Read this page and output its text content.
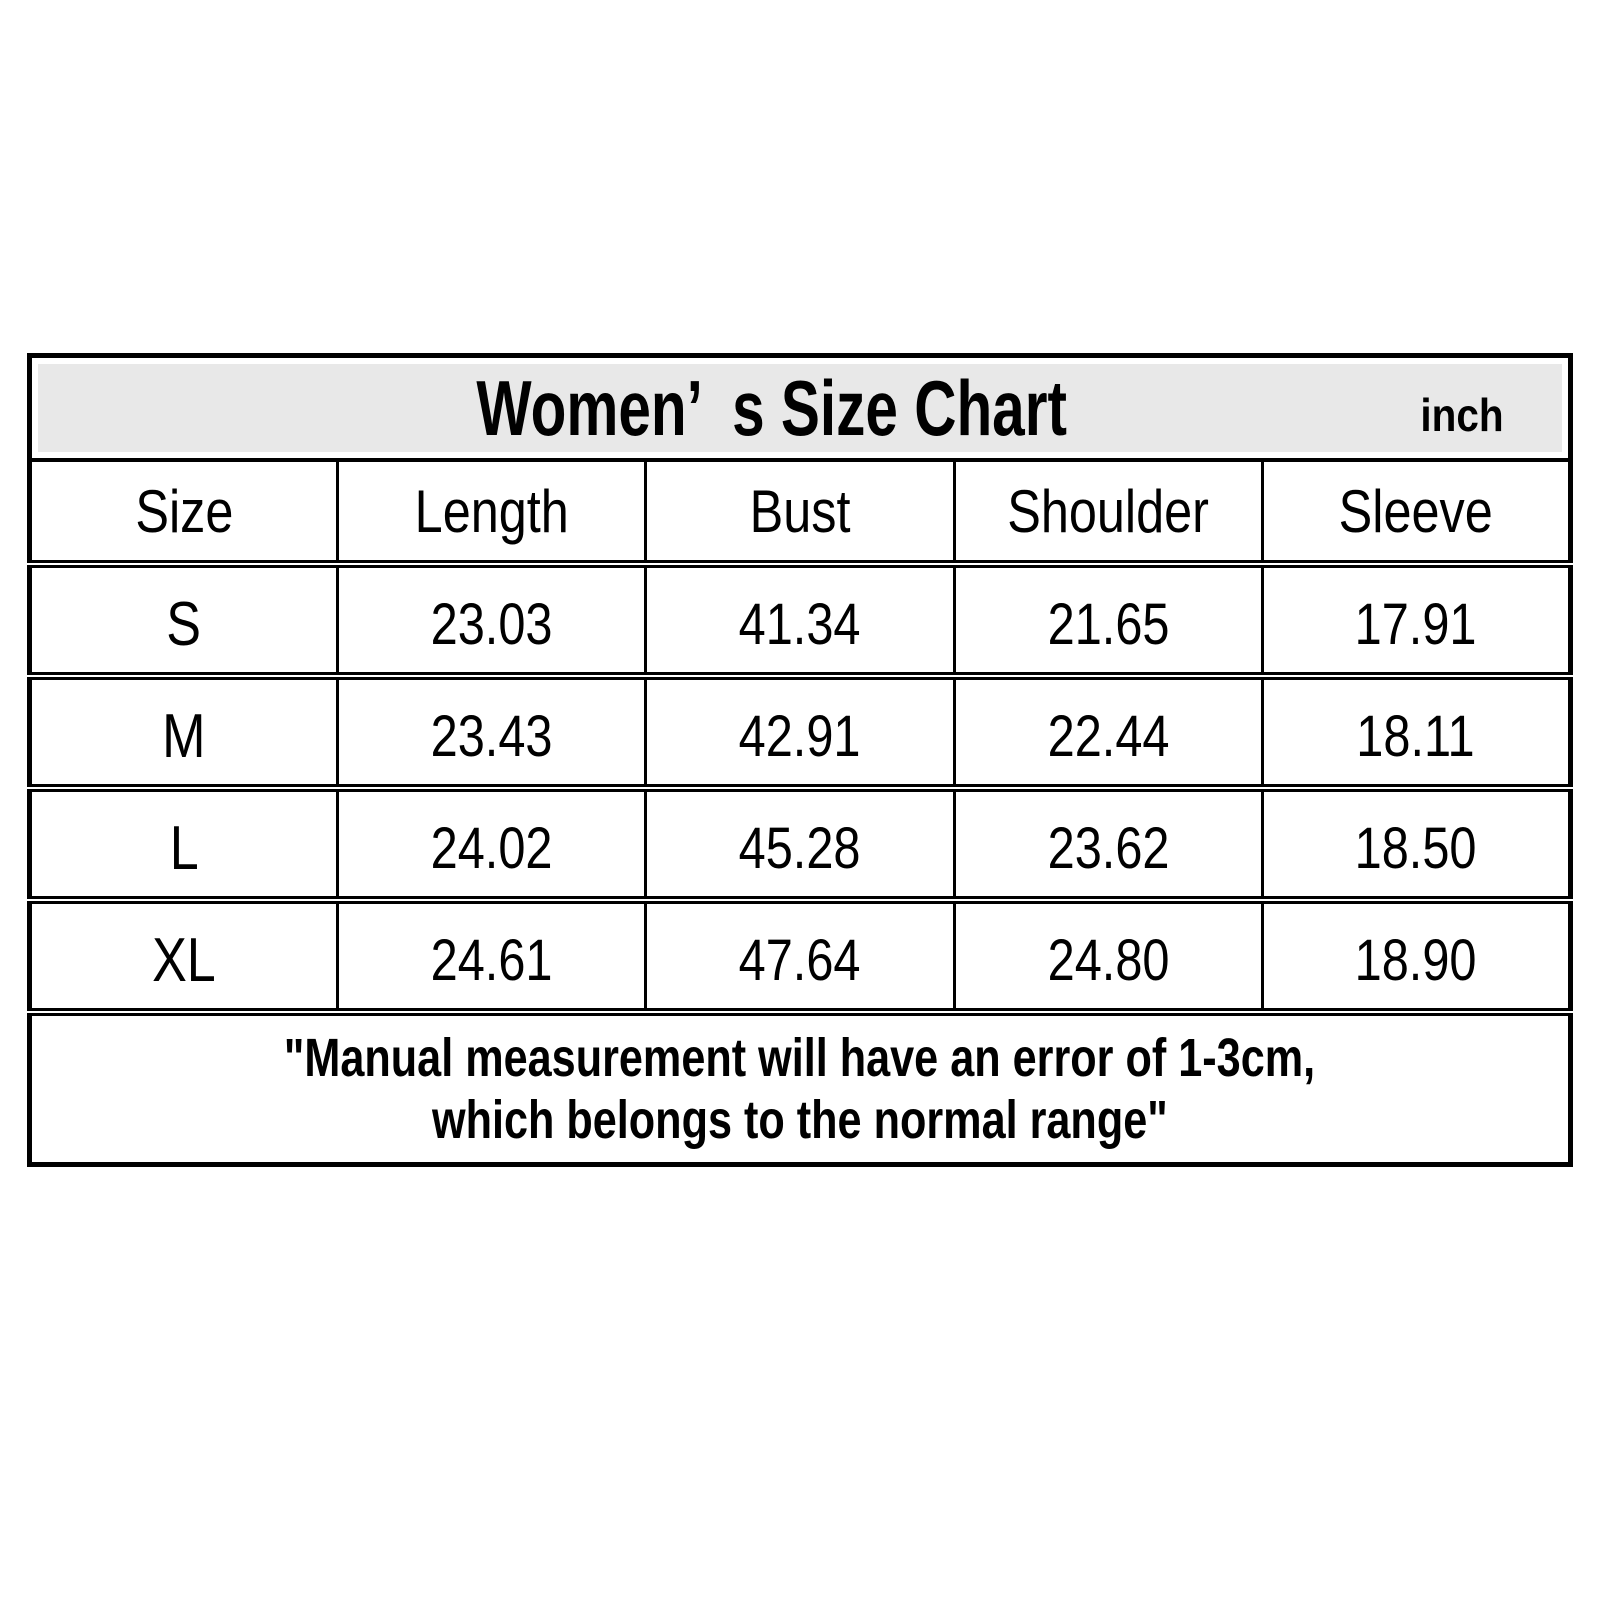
Women’ s Size Chart inch				

Size	Length	Bust	Shoulder	Sleeve
S	23.03	41.34	21.65	17.91
M	23.43	42.91	22.44	18.11
L	24.02	45.28	23.62	18.50
XL	24.61	47.64	24.80	18.90

"Manual measurement will have an error of 1-3cm,
which belongs to the normal range"				
